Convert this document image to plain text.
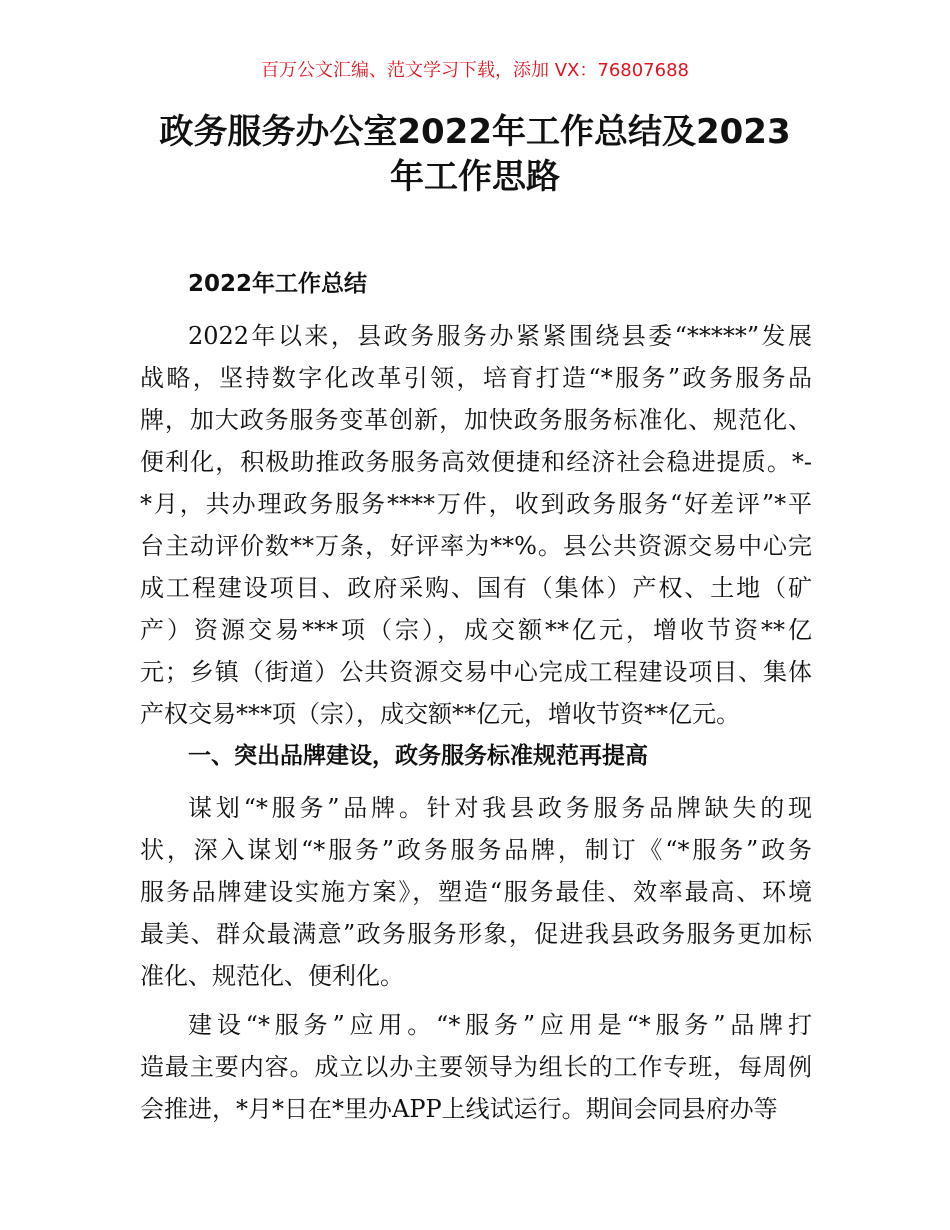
百万公文汇编、范文学习下载，添加 VX：76807688
政务服务办公室2022年工作总结及2023
年工作思路
2022年工作总结
2022年以来，县政务服务办紧紧围绕县委“*****”发展
战略，坚持数字化改革引领，培育打造“*服务”政务服务品
牌，加大政务服务变革创新，加快政务服务标准化、规范化、
便利化，积极助推政务服务高效便捷和经济社会稳进提质。*-
*月，共办理政务服务****万件，收到政务服务“好差评”*平
台主动评价数**万条，好评率为**%。县公共资源交易中心完
成工程建设项目、政府采购、国有（集体）产权、土地（矿
产）资源交易***项（宗），成交额**亿元，增收节资**亿
元；乡镇（街道）公共资源交易中心完成工程建设项目、集体
产权交易***项（宗），成交额**亿元，增收节资**亿元。
一、突出品牌建设，政务服务标准规范再提高
谋划“*服务”品牌。针对我县政务服务品牌缺失的现
状，深入谋划“*服务”政务服务品牌，制订《“*服务”政务
服务品牌建设实施方案》，塑造“服务最佳、效率最高、环境
最美、群众最满意”政务服务形象，促进我县政务服务更加标
准化、规范化、便利化。
建设“*服务”应用。“*服务”应用是“*服务”品牌打
造最主要内容。成立以办主要领导为组长的工作专班，每周例
会推进，*月*日在*里办APP上线试运行。期间会同县府办等
